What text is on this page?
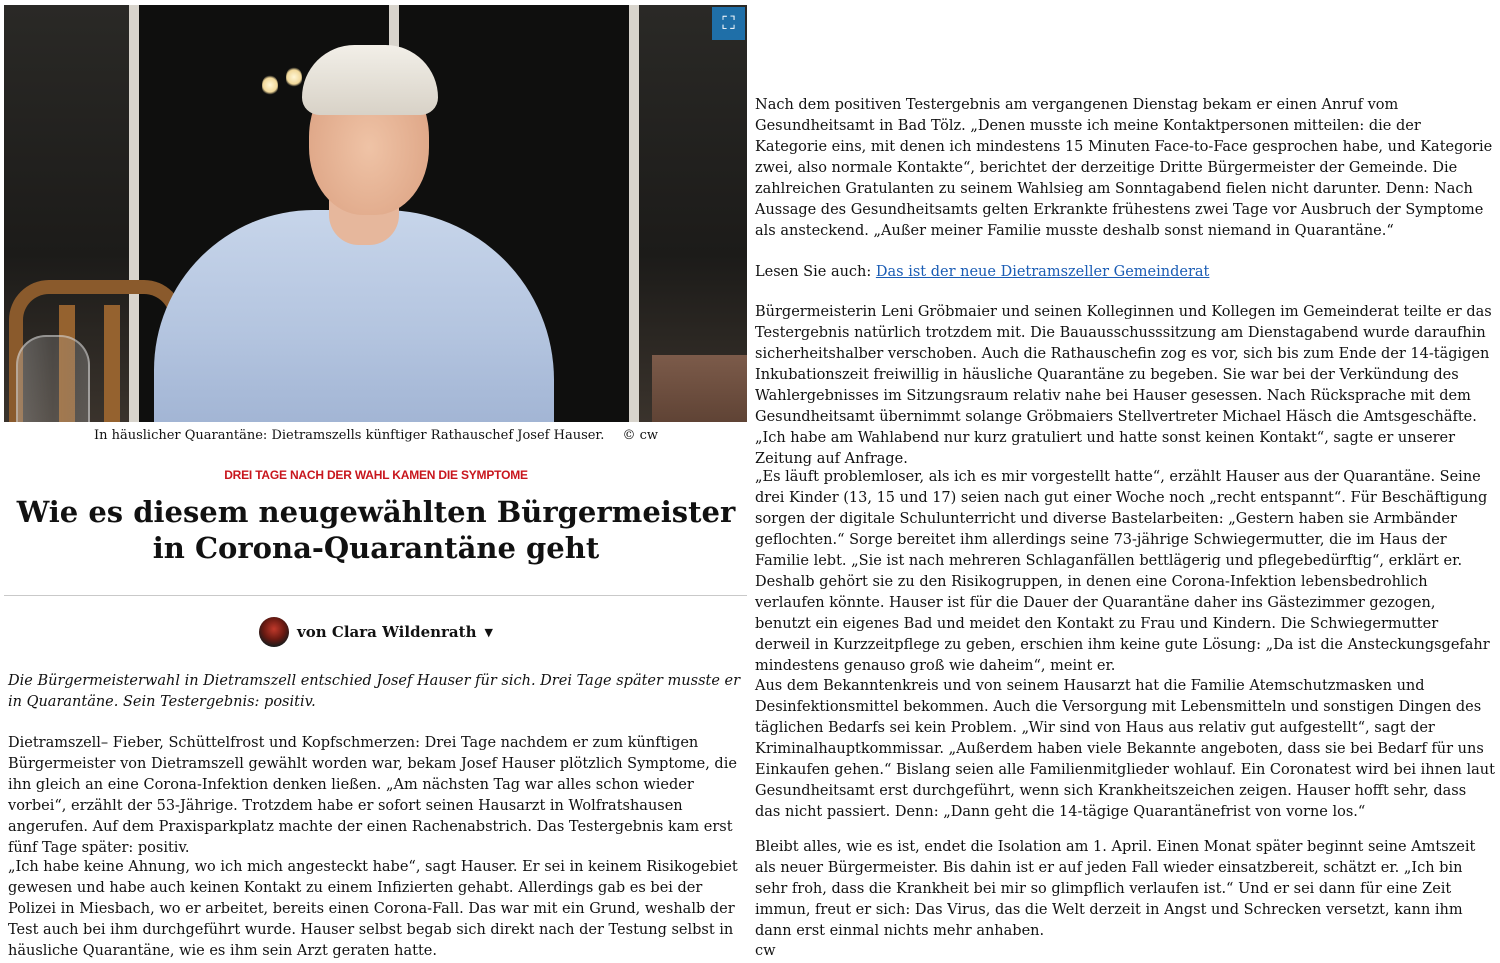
⛶
In häuslicher Quarantäne: Dietramszells künftiger Rathauschef Josef Hauser. © cw
DREI TAGE NACH DER WAHL KAMEN DIE SYMPTOME
Wie es diesem neugewählten Bürgermeister in Corona-Quarantäne geht
von Clara Wildenrath ▼

Die Bürgermeisterwahl in Dietramszell entschied Josef Hauser für sich. Drei Tage später musste er in Quarantäne. Sein Testergebnis: positiv.

Dietramszell– Fieber, Schüttelfrost und Kopfschmerzen: Drei Tage nachdem er zum künftigen Bürgermeister von Dietramszell gewählt worden war, bekam Josef Hauser plötzlich Symptome, die ihn gleich an eine Corona-Infektion denken ließen. „Am nächsten Tag war alles schon wieder vorbei“, erzählt der 53-Jährige. Trotzdem habe er sofort seinen Hausarzt in Wolfratshausen angerufen. Auf dem Praxisparkplatz machte der einen Rachenabstrich. Das Testergebnis kam erst fünf Tage später: positiv.

„Ich habe keine Ahnung, wo ich mich angesteckt habe“, sagt Hauser. Er sei in keinem Risikogebiet gewesen und habe auch keinen Kontakt zu einem Infizierten gehabt. Allerdings gab es bei der Polizei in Miesbach, wo er arbeitet, bereits einen Corona-Fall. Das war mit ein Grund, weshalb der Test auch bei ihm durchgeführt wurde. Hauser selbst begab sich direkt nach der Testung selbst in häusliche Quarantäne, wie es ihm sein Arzt geraten hatte.

Nach dem positiven Testergebnis am vergangenen Dienstag bekam er einen Anruf vom Gesundheitsamt in Bad Tölz. „Denen musste ich meine Kontaktpersonen mitteilen: die der Kategorie eins, mit denen ich mindestens 15 Minuten Face-to-Face gesprochen habe, und Kategorie zwei, also normale Kontakte“, berichtet der derzeitige Dritte Bürgermeister der Gemeinde. Die zahlreichen Gratulanten zu seinem Wahlsieg am Sonntagabend fielen nicht darunter. Denn: Nach Aussage des Gesundheitsamts gelten Erkrankte frühestens zwei Tage vor Ausbruch der Symptome als ansteckend. „Außer meiner Familie musste deshalb sonst niemand in Quarantäne.“

Lesen Sie auch: Das ist der neue Dietramszeller Gemeinderat

Bürgermeisterin Leni Gröbmaier und seinen Kolleginnen und Kollegen im Gemeinderat teilte er das Testergebnis natürlich trotzdem mit. Die Bauausschusssitzung am Dienstagabend wurde daraufhin sicherheitshalber verschoben. Auch die Rathauschefin zog es vor, sich bis zum Ende der 14-tägigen Inkubationszeit freiwillig in häusliche Quarantäne zu begeben. Sie war bei der Verkündung des Wahlergebnisses im Sitzungsraum relativ nahe bei Hauser gesessen. Nach Rücksprache mit dem Gesundheitsamt übernimmt solange Gröbmaiers Stellvertreter Michael Häsch die Amtsgeschäfte. „Ich habe am Wahlabend nur kurz gratuliert und hatte sonst keinen Kontakt“, sagte er unserer Zeitung auf Anfrage.

„Es läuft problemloser, als ich es mir vorgestellt hatte“, erzählt Hauser aus der Quarantäne. Seine drei Kinder (13, 15 und 17) seien nach gut einer Woche noch „recht entspannt“. Für Beschäftigung sorgen der digitale Schulunterricht und diverse Bastelarbeiten: „Gestern haben sie Armbänder geflochten.“ Sorge bereitet ihm allerdings seine 73-jährige Schwiegermutter, die im Haus der Familie lebt. „Sie ist nach mehreren Schlaganfällen bettlägerig und pflegebedürftig“, erklärt er. Deshalb gehört sie zu den Risikogruppen, in denen eine Corona-Infektion lebensbedrohlich verlaufen könnte. Hauser ist für die Dauer der Quarantäne daher ins Gästezimmer gezogen, benutzt ein eigenes Bad und meidet den Kontakt zu Frau und Kindern. Die Schwiegermutter derweil in Kurzzeitpflege zu geben, erschien ihm keine gute Lösung: „Da ist die Ansteckungsgefahr mindestens genauso groß wie daheim“, meint er.

Aus dem Bekanntenkreis und von seinem Hausarzt hat die Familie Atemschutzmasken und Desinfektionsmittel bekommen. Auch die Versorgung mit Lebensmitteln und sonstigen Dingen des täglichen Bedarfs sei kein Problem. „Wir sind von Haus aus relativ gut aufgestellt“, sagt der Kriminalhauptkommissar. „Außerdem haben viele Bekannte angeboten, dass sie bei Bedarf für uns Einkaufen gehen.“ Bislang seien alle Familienmitglieder wohlauf. Ein Coronatest wird bei ihnen laut Gesundheitsamt erst durchgeführt, wenn sich Krankheitszeichen zeigen. Hauser hofft sehr, dass das nicht passiert. Denn: „Dann geht die 14-tägige Quarantänefrist von vorne los.“

Bleibt alles, wie es ist, endet die Isolation am 1. April. Einen Monat später beginnt seine Amtszeit als neuer Bürgermeister. Bis dahin ist er auf jeden Fall wieder einsatzbereit, schätzt er. „Ich bin sehr froh, dass die Krankheit bei mir so glimpflich verlaufen ist.“ Und er sei dann für eine Zeit immun, freut er sich: Das Virus, das die Welt derzeit in Angst und Schrecken versetzt, kann ihm dann erst einmal nichts mehr anhaben.

cw
